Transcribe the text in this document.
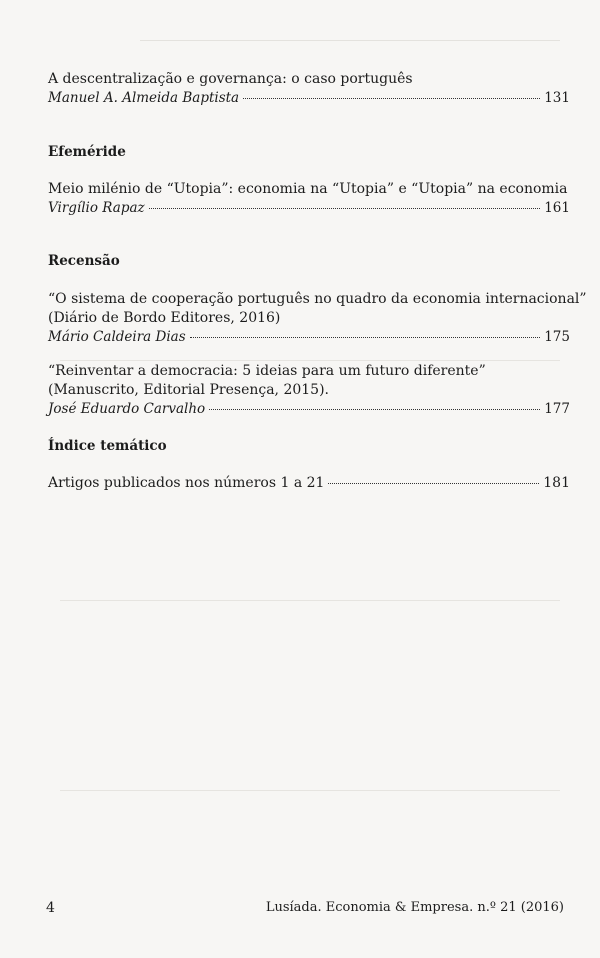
A descentralização e governança: o caso português
Manuel A. Almeida Baptista	131
Efeméride
Meio milénio de “Utopia”: economia na “Utopia” e “Utopia” na economia
Virgílio Rapaz	161
Recensão
“O sistema de cooperação português no quadro da economia internacional”
(Diário de Bordo Editores, 2016)
Mário Caldeira Dias	175
“Reinventar a democracia: 5 ideias para um futuro diferente”
(Manuscrito, Editorial Presença, 2015).
José Eduardo Carvalho	177
Índice temático
Artigos publicados nos números 1 a 21	181
4	Lusíada. Economia & Empresa. n.º 21 (2016)
